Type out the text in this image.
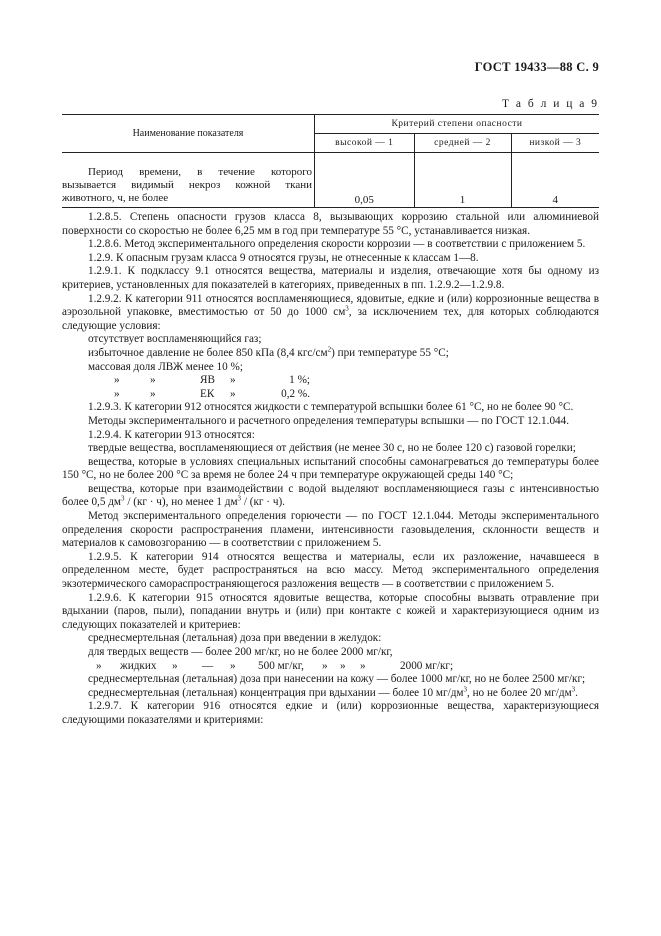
ГОСТ 19433—88 С. 9
Т а б л и ц а 9
Наименование показателя	Критерий степени опасности		
	высокой — 1	средней — 2	низкой — 3

Период времени, в течение которого вызывается видимый некроз кожной ткани животного, ч, не более	0,05	1	4

1.2.8.5. Степень опасности грузов класса 8, вызывающих коррозию стальной или алюминиевой поверхности со скоростью не более 6,25 мм в год при температуре 55 °С, устанавливается низкая.

1.2.8.6. Метод экспериментального определения скорости коррозии — в соответствии с приложением 5.

1.2.9. К опасным грузам класса 9 относятся грузы, не отнесенные к классам 1—8.

1.2.9.1. К подклассу 9.1 относятся вещества, материалы и изделия, отвечающие хотя бы одному из критериев, установленных для показателей в категориях, приведенных в пп. 1.2.9.2—1.2.9.8.

1.2.9.2. К категории 911 относятся воспламеняющиеся, ядовитые, едкие и (или) коррозионные вещества в аэрозольной упаковке, вместимостью от 50 до 1000 $см^3$, за исключением тех, для которых соблюдаются следующие условия:

отсутствует воспламеняющийся газ;

избыточное давление не более 850 кПа (8,4 кгс/$см^2$) при температуре 55 °С;

массовая доля ЛВЖ менее 10 %;

»	»	ЯВ	»	1 %;

»	»	ЕК	»	0,2 %.

1.2.9.3. К категории 912 относятся жидкости с температурой вспышки более 61 °С, но не более 90 °С.

Методы экспериментального и расчетного определения температуры вспышки — по ГОСТ 12.1.044.

1.2.9.4. К категории 913 относятся:

твердые вещества, воспламеняющиеся от действия (не менее 30 с, но не более 120 с) газовой горелки;

вещества, которые в условиях специальных испытаний способны самонагреваться до температуры более 150 °С, но не более 200 °С за время не более 24 ч при температуре окружающей среды 140 °С;

вещества, которые при взаимодействии с водой выделяют воспламеняющиеся газы с интенсивностью более 0,5 $дм^3 / (кг \cdot ч)$, но менее 1 $дм^3 / (кг \cdot ч)$.

Метод экспериментального определения горючести — по ГОСТ 12.1.044. Методы экспериментального определения скорости распространения пламени, интенсивности газовыделения, склонности веществ и материалов к самовозгоранию — в соответствии с приложением 5.

1.2.9.5. К категории 914 относятся вещества и материалы, если их разложение, начавшееся в определенном месте, будет распространяться на всю массу. Метод экспериментального определения экзотермического самораспространяющегося разложения веществ — в соответствии с приложением 5.

1.2.9.6. К категории 915 относятся ядовитые вещества, которые способны вызвать отравление при вдыхании (паров, пыли), попадании внутрь и (или) при контакте с кожей и характеризующиеся одним из следующих показателей и критериев:

среднесмертельная (летальная) доза при введении в желудок:

для твердых веществ — более 200 мг/кг, но не более 2000 мг/кг,

»	жидких	»	—	»	500 мг/кг,	»	»	»	2000 мг/кг;

среднесмертельная (летальная) доза при нанесении на кожу — более 1000 мг/кг, но не более 2500 мг/кг;

среднесмертельная (летальная) концентрация при вдыхании — более 10 $мг/дм^3$, но не более 20 $мг/дм^3$.

1.2.9.7. К категории 916 относятся едкие и (или) коррозионные вещества, характеризующиеся следующими показателями и критериями:
